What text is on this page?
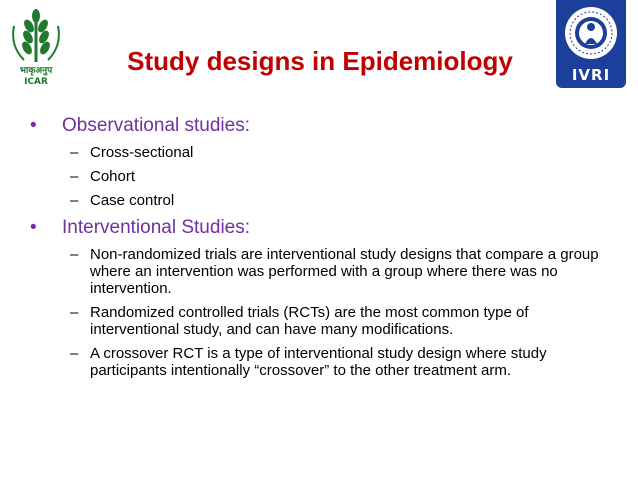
भाकृअनुप
ICAR	IVRI
Study designs in Epidemiology
• Observational studies:
– Cross-sectional
– Cohort
– Case control
• Interventional Studies:
– Non-randomized trials are interventional study designs that compare a group where an intervention was performed with a group where there was no intervention.
– Randomized controlled trials (RCTs) are the most common type of interventional study, and can have many modifications.
– A crossover RCT is a type of interventional study design where study participants intentionally “crossover” to the other treatment arm.
